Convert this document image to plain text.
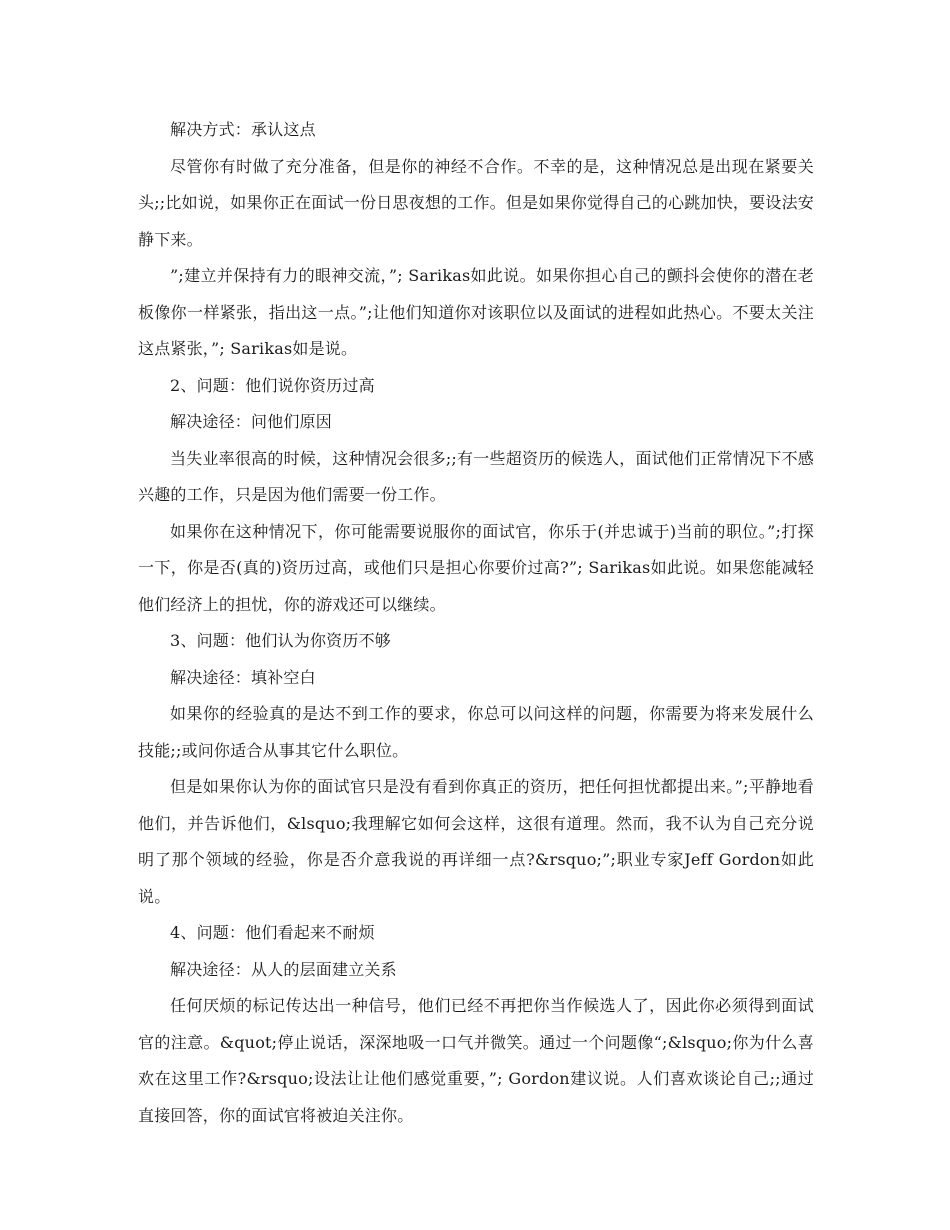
解决方式：承认这点

尽管你有时做了充分准备，但是你的神经不合作。不幸的是，这种情况总是出现在紧要关头;;比如说，如果你正在面试一份日思夜想的工作。但是如果你觉得自己的心跳加快，要设法安静下来。

”;建立并保持有力的眼神交流，”; Sarikas如此说。如果你担心自己的颤抖会使你的潜在老板像你一样紧张，指出这一点。”;让他们知道你对该职位以及面试的进程如此热心。不要太关注这点紧张，”; Sarikas如是说。

2、问题：他们说你资历过高

解决途径：问他们原因

当失业率很高的时候，这种情况会很多;;有一些超资历的候选人，面试他们正常情况下不感兴趣的工作，只是因为他们需要一份工作。

如果你在这种情况下，你可能需要说服你的面试官，你乐于(并忠诚于)当前的职位。”;打探一下，你是否(真的)资历过高，或他们只是担心你要价过高?”; Sarikas如此说。如果您能减轻他们经济上的担忧，你的游戏还可以继续。

3、问题：他们认为你资历不够

解决途径：填补空白

如果你的经验真的是达不到工作的要求，你总可以问这样的问题，你需要为将来发展什么技能;;或问你适合从事其它什么职位。

但是如果你认为你的面试官只是没有看到你真正的资历，把任何担忧都提出来。”;平静地看他们，并告诉他们，&lsquo;我理解它如何会这样，这很有道理。然而，我不认为自己充分说明了那个领域的经验，你是否介意我说的再详细一点?&rsquo;”;职业专家Jeff Gordon如此说。

4、问题：他们看起来不耐烦

解决途径：从人的层面建立关系

任何厌烦的标记传达出一种信号，他们已经不再把你当作候选人了，因此你必须得到面试官的注意。&quot;停止说话，深深地吸一口气并微笑。通过一个问题像“;&lsquo;你为什么喜欢在这里工作?&rsquo;设法让让他们感觉重要，”; Gordon建议说。人们喜欢谈论自己;;通过直接回答，你的面试官将被迫关注你。
